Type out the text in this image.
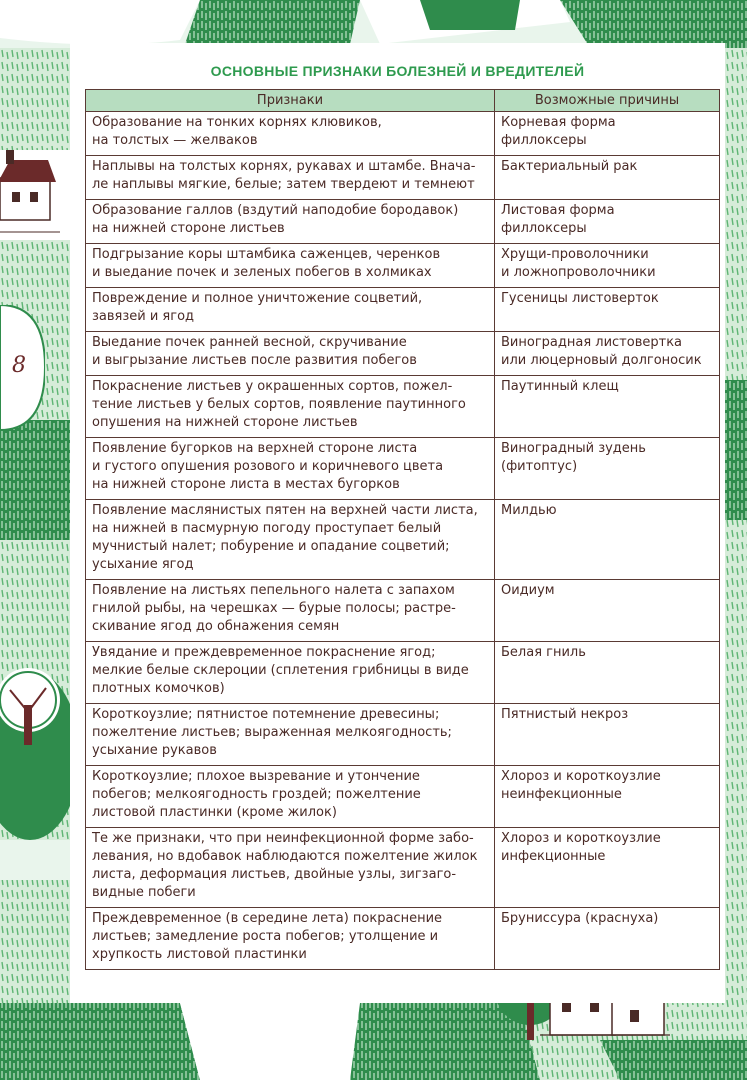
8
ОСНОВНЫЕ ПРИЗНАКИ БОЛЕЗНЕЙ И ВРЕДИТЕЛЕЙ
Признаки	Возможные причины
Образование на тонких корнях клювиков,
на толстых — желваков	Корневая форма
филлоксеры
Наплывы на толстых корнях, рукавах и штамбе. Внача-
ле наплывы мягкие, белые; затем твердеют и темнеют	Бактериальный рак
Образование галлов (вздутий наподобие бородавок)
на нижней стороне листьев	Листовая форма
филлоксеры
Подгрызание коры штамбика саженцев, черенков
и выедание почек и зеленых побегов в холмиках	Хрущи-проволочники
и ложнопроволочники
Повреждение и полное уничтожение соцветий,
завязей и ягод	Гусеницы листоверток
Выедание почек ранней весной, скручивание
и выгрызание листьев после развития побегов	Виноградная листовертка
или люцерновый долгоносик
Покраснение листьев у окрашенных сортов, пожел-
тение листьев у белых сортов, появление паутинного
опушения на нижней стороне листьев	Паутинный клещ
Появление бугорков на верхней стороне листа
и густого опушения розового и коричневого цвета
на нижней стороне листа в местах бугорков	Виноградный зудень
(фитоптус)
Появление маслянистых пятен на верхней части листа,
на нижней в пасмурную погоду проступает белый
мучнистый налет; побурение и опадание соцветий;
усыхание ягод	Милдью
Появление на листьях пепельного налета с запахом
гнилой рыбы, на черешках — бурые полосы; растре-
скивание ягод до обнажения семян	Оидиум
Увядание и преждевременное покраснение ягод;
мелкие белые склероции (сплетения грибницы в виде
плотных комочков)	Белая гниль
Короткоузлие; пятнистое потемнение древесины;
пожелтение листьев; выраженная мелкоягодность;
усыхание рукавов	Пятнистый некроз
Короткоузлие; плохое вызревание и утончение
побегов; мелкоягодность гроздей; пожелтение
листовой пластинки (кроме жилок)	Хлороз и короткоузлие
неинфекционные
Те же признаки, что при неинфекционной форме забо-
левания, но вдобавок наблюдаются пожелтение жилок
листа, деформация листьев, двойные узлы, зигзаго-
видные побеги	Хлороз и короткоузлие
инфекционные
Преждевременное (в середине лета) покраснение
листьев; замедление роста побегов; утолщение и
хрупкость листовой пластинки	Бруниссура (краснуха)
